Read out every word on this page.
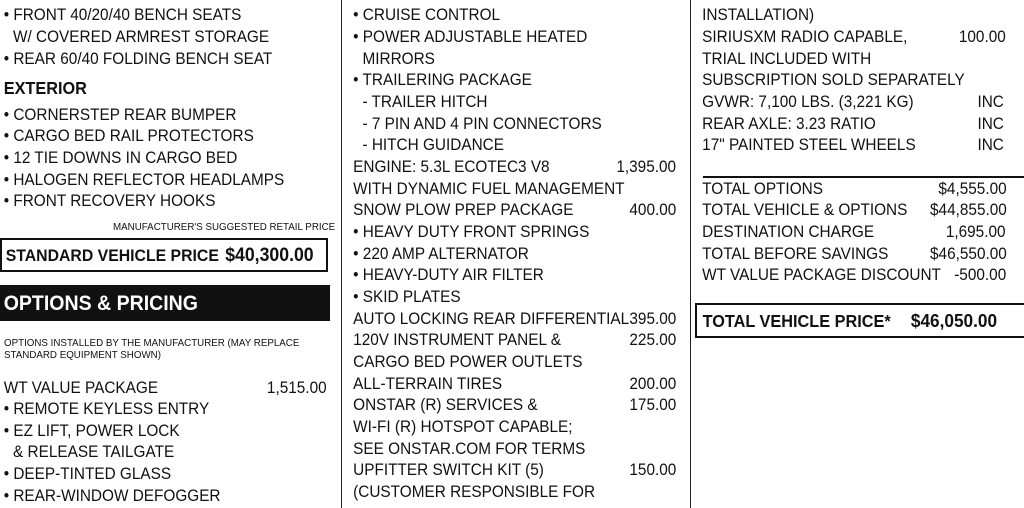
• FRONT 40/20/40 BENCH SEATS
W/ COVERED ARMREST STORAGE
• REAR 60/40 FOLDING BENCH SEAT
EXTERIOR
• CORNERSTEP REAR BUMPER
• CARGO BED RAIL PROTECTORS
• 12 TIE DOWNS IN CARGO BED
• HALOGEN REFLECTOR HEADLAMPS
• FRONT RECOVERY HOOKS
MANUFACTURER'S SUGGESTED RETAIL PRICE
STANDARD VEHICLE PRICE $40,300.00
OPTIONS & PRICING
OPTIONS INSTALLED BY THE MANUFACTURER (MAY REPLACE
STANDARD EQUIPMENT SHOWN)
WT VALUE PACKAGE	1,515.00
• REMOTE KEYLESS ENTRY
• EZ LIFT, POWER LOCK
& RELEASE TAILGATE
• DEEP-TINTED GLASS
• REAR-WINDOW DEFOGGER
• CRUISE CONTROL
• POWER ADJUSTABLE HEATED
MIRRORS
• TRAILERING PACKAGE
- TRAILER HITCH
- 7 PIN AND 4 PIN CONNECTORS
- HITCH GUIDANCE
ENGINE: 5.3L ECOTEC3 V8	1,395.00
WITH DYNAMIC FUEL MANAGEMENT
SNOW PLOW PREP PACKAGE	400.00
• HEAVY DUTY FRONT SPRINGS
• 220 AMP ALTERNATOR
• HEAVY-DUTY AIR FILTER
• SKID PLATES
AUTO LOCKING REAR DIFFERENTIAL 395.00
120V INSTRUMENT PANEL &	225.00
CARGO BED POWER OUTLETS
ALL-TERRAIN TIRES	200.00
ONSTAR (R) SERVICES &	175.00
WI-FI (R) HOTSPOT CAPABLE;
SEE ONSTAR.COM FOR TERMS
UPFITTER SWITCH KIT (5)	150.00
(CUSTOMER RESPONSIBLE FOR
INSTALLATION)
SIRIUSXM RADIO CAPABLE,	100.00
TRIAL INCLUDED WITH
SUBSCRIPTION SOLD SEPARATELY
GVWR: 7,100 LBS. (3,221 KG)	INC
REAR AXLE: 3.23 RATIO	INC
17" PAINTED STEEL WHEELS	INC
TOTAL OPTIONS	$4,555.00
TOTAL VEHICLE & OPTIONS $44,855.00
DESTINATION CHARGE	1,695.00
TOTAL BEFORE SAVINGS	$46,550.00
WT VALUE PACKAGE DISCOUNT -500.00
TOTAL VEHICLE PRICE* $46,050.00
